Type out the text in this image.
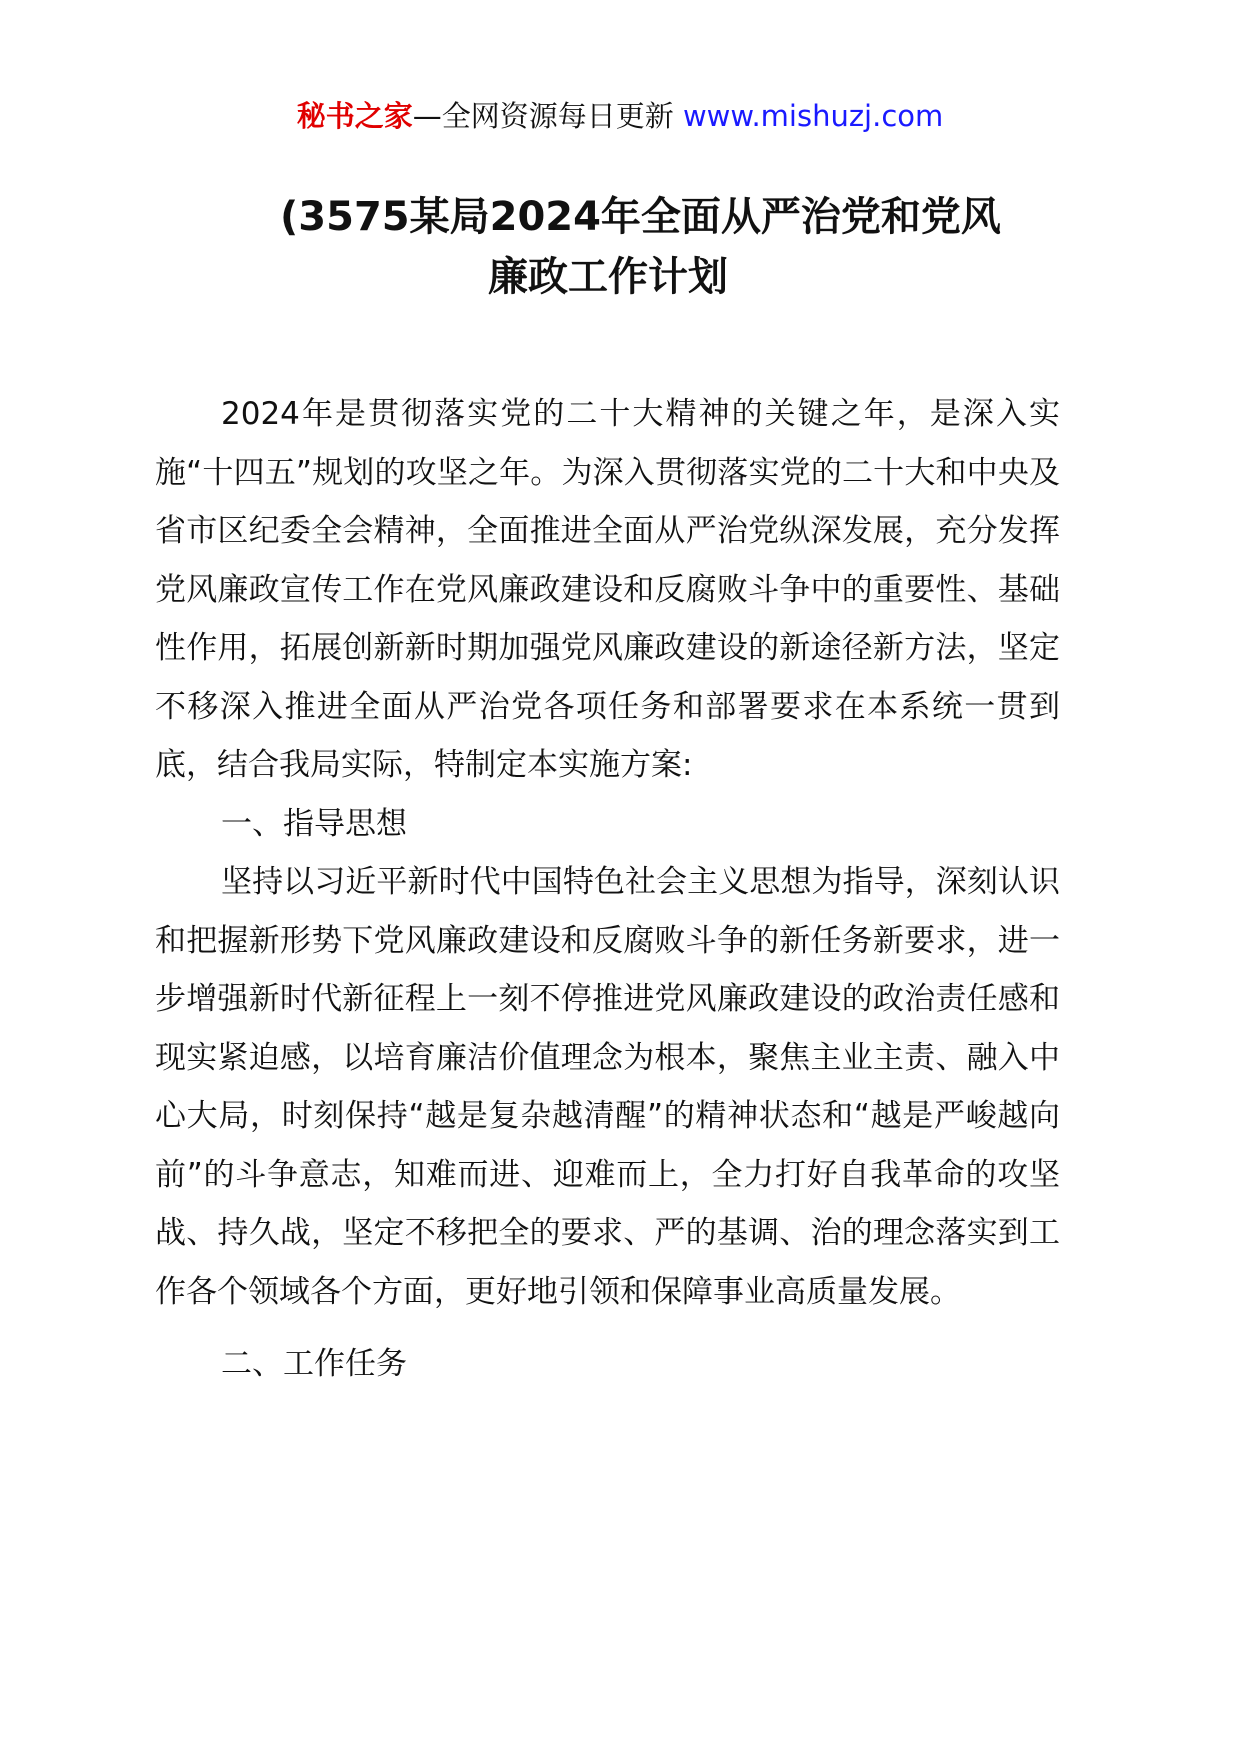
秘书之家—全网资源每日更新 www.mishuzj.com
(3575某局2024年全面从严治党和党风
廉政工作计划

2024年是贯彻落实党的二十大精神的关键之年，是深入实施“十四五”规划的攻坚之年。为深入贯彻落实党的二十大和中央及省市区纪委全会精神，全面推进全面从严治党纵深发展，充分发挥党风廉政宣传工作在党风廉政建设和反腐败斗争中的重要性、基础性作用，拓展创新新时期加强党风廉政建设的新途径新方法，坚定不移深入推进全面从严治党各项任务和部署要求在本系统一贯到底，结合我局实际，特制定本实施方案:

一、指导思想

坚持以习近平新时代中国特色社会主义思想为指导，深刻认识和把握新形势下党风廉政建设和反腐败斗争的新任务新要求，进一步增强新时代新征程上一刻不停推进党风廉政建设的政治责任感和现实紧迫感，以培育廉洁价值理念为根本，聚焦主业主责、融入中心大局，时刻保持“越是复杂越清醒”的精神状态和“越是严峻越向前”的斗争意志，知难而进、迎难而上，全力打好自我革命的攻坚战、持久战，坚定不移把全的要求、严的基调、治的理念落实到工作各个领域各个方面，更好地引领和保障事业高质量发展。

二、工作任务
